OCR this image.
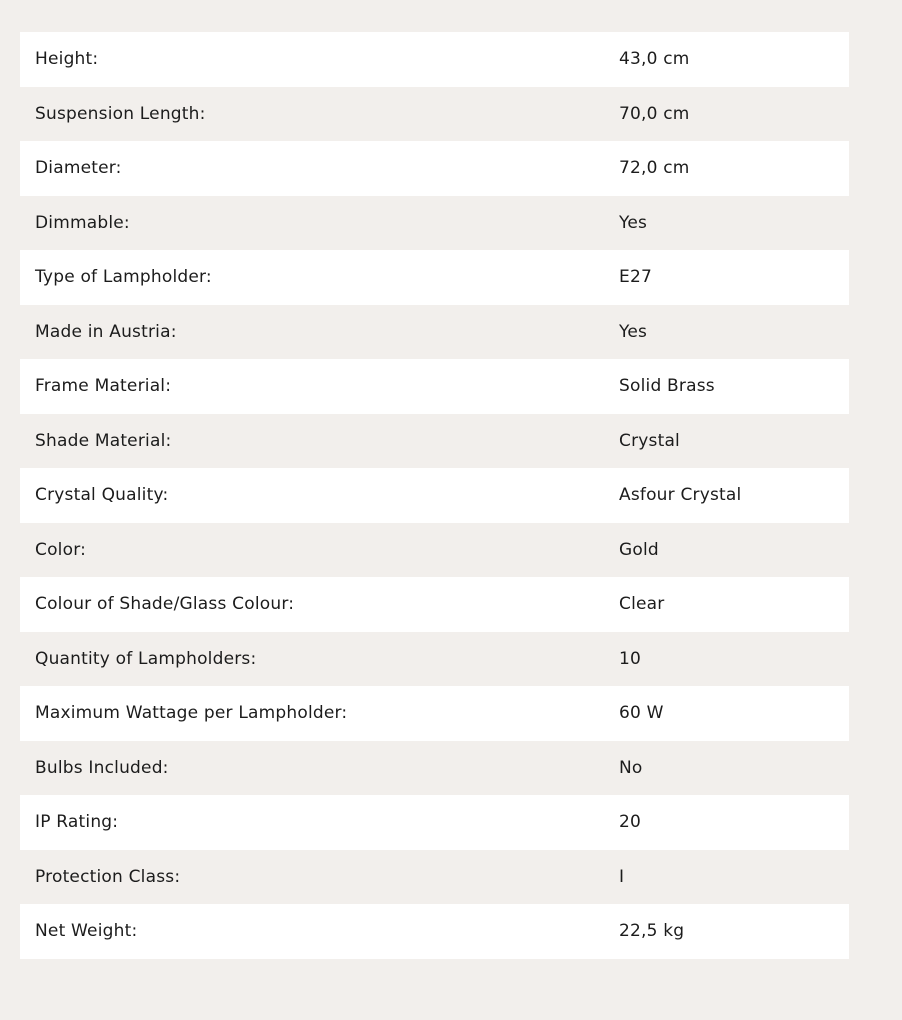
Height:	43,0 cm
Suspension Length:	70,0 cm
Diameter:	72,0 cm
Dimmable:	Yes
Type of Lampholder:	E27
Made in Austria:	Yes
Frame Material:	Solid Brass
Shade Material:	Crystal
Crystal Quality:	Asfour Crystal
Color:	Gold
Colour of Shade/Glass Colour:	Clear
Quantity of Lampholders:	10
Maximum Wattage per Lampholder:	60 W
Bulbs Included:	No
IP Rating:	20
Protection Class:	I
Net Weight:	22,5 kg
